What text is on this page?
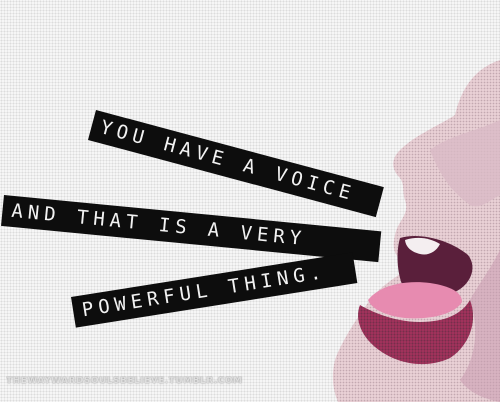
YOU HAVE A VOICE
AND THAT IS A VERY
POWERFUL THING.
THEWAYWARDSOULSBELIEVE.TUMBLR.COM
